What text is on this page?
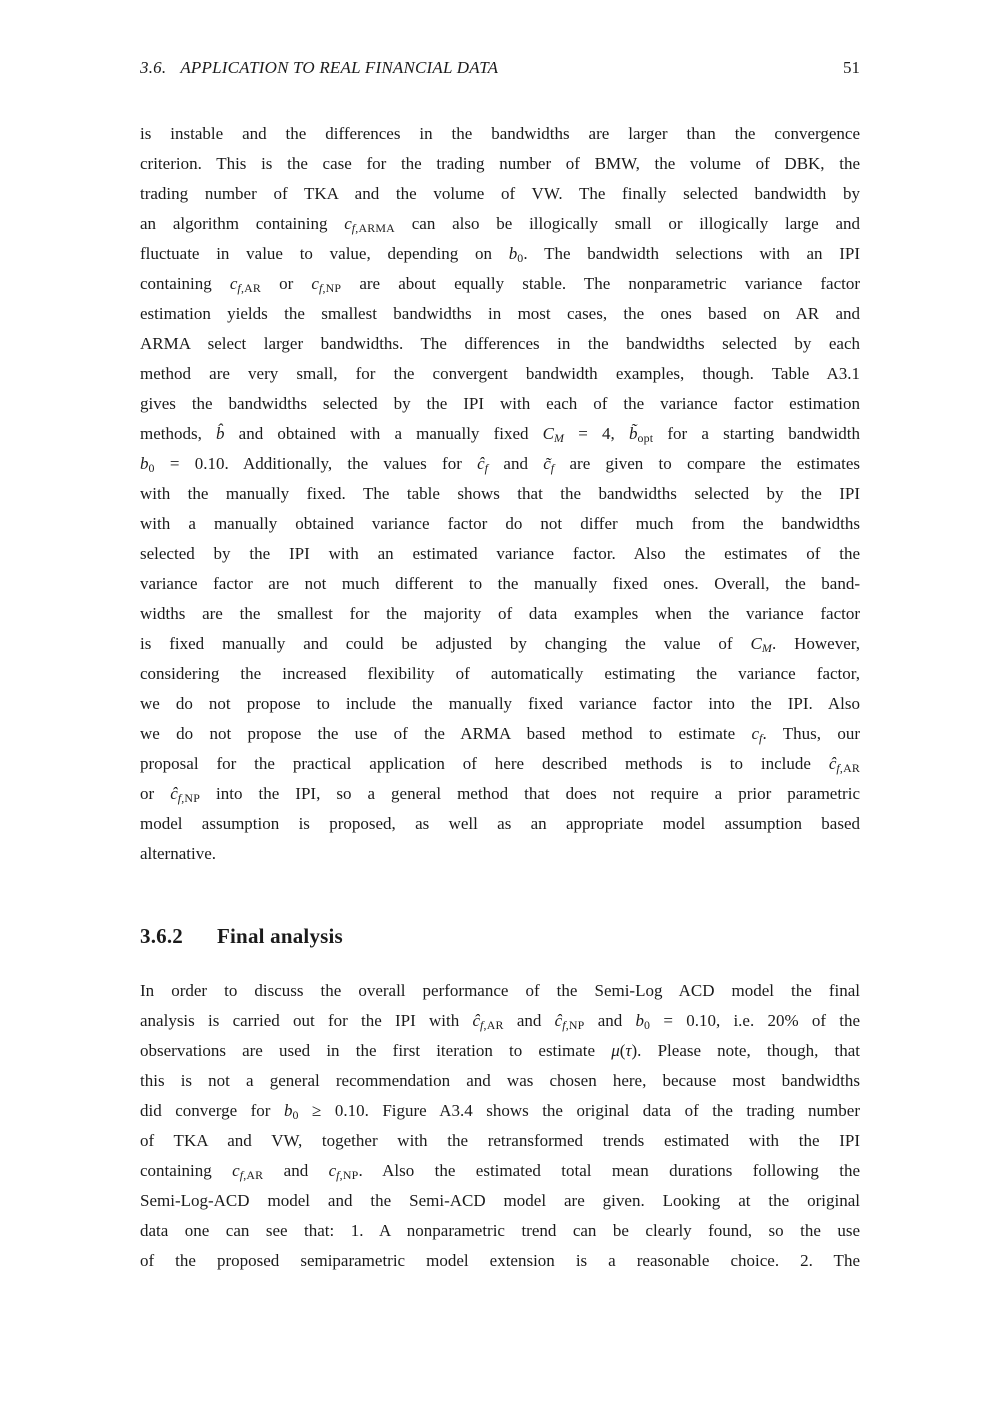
3.6. APPLICATION TO REAL FINANCIAL DATA	51
is instable and the differences in the bandwidths are larger than the convergence
criterion. This is the case for the trading number of BMW, the volume of DBK, the
trading number of TKA and the volume of VW. The finally selected bandwidth by
an algorithm containing $c_{f,ARMA}$ can also be illogically small or illogically large and
fluctuate in value to value, depending on $b_0$. The bandwidth selections with an IPI
containing $c_{f,AR}$ or $c_{f,NP}$ are about equally stable. The nonparametric variance factor
estimation yields the smallest bandwidths in most cases, the ones based on AR and
ARMA select larger bandwidths. The differences in the bandwidths selected by each
method are very small, for the convergent bandwidth examples, though. Table A3.1
gives the bandwidths selected by the IPI with each of the variance factor estimation
methods, b̂ and obtained with a manually fixed $C_M = 4$, $b̃_{opt}$ for a starting bandwidth
$b_0 = 0.10$. Additionally, the values for $ĉ_f$ and $c̃_f$ are given to compare the estimates
with the manually fixed. The table shows that the bandwidths selected by the IPI
with a manually obtained variance factor do not differ much from the bandwidths
selected by the IPI with an estimated variance factor. Also the estimates of the
variance factor are not much different to the manually fixed ones. Overall, the band-
widths are the smallest for the majority of data examples when the variance factor
is fixed manually and could be adjusted by changing the value of $C_M$. However,
considering the increased flexibility of automatically estimating the variance factor,
we do not propose to include the manually fixed variance factor into the IPI. Also
we do not propose the use of the ARMA based method to estimate $c_f$. Thus, our
proposal for the practical application of here described methods is to include $ĉ_{f,AR}$
or $ĉ_{f,NP}$ into the IPI, so a general method that does not require a prior parametric
model assumption is proposed, as well as an appropriate model assumption based
alternative.
3.6.2 Final analysis
In order to discuss the overall performance of the Semi-Log ACD model the final
analysis is carried out for the IPI with $ĉ_{f,AR}$ and $ĉ_{f,NP}$ and $b_0 = 0.10$, i.e. 20% of the
observations are used in the first iteration to estimate μ(τ). Please note, though, that
this is not a general recommendation and was chosen here, because most bandwidths
did converge for $b_0 \ge 0.10$. Figure A3.4 shows the original data of the trading number
of TKA and VW, together with the retransformed trends estimated with the IPI
containing $c_{f,AR}$ and $c_{f,NP}$. Also the estimated total mean durations following the
Semi-Log-ACD model and the Semi-ACD model are given. Looking at the original
data one can see that: 1. A nonparametric trend can be clearly found, so the use
of the proposed semiparametric model extension is a reasonable choice. 2. The
